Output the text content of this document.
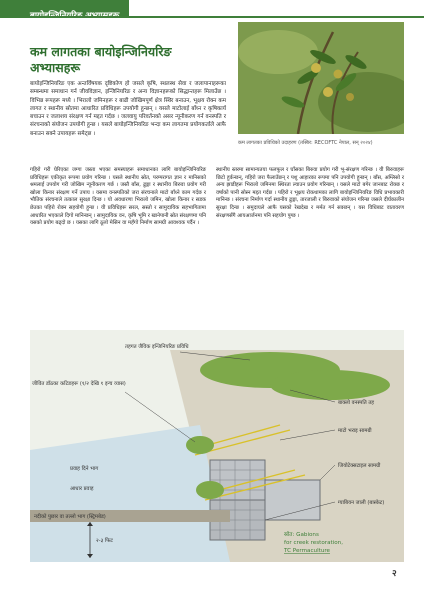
कम लागतका बायोइन्जिनियरिङ अभ्यासहरू
बायोइन्जिनियरिङ एक अन्तर्विषयक दृष्टिकोण हो जसले कृषि, स्थलस्थ सेवा र जलापानाहरूका सम्बन्धमा समाधान गर्न जीवविज्ञान, इन्जिनियरिङ र अन्य विज्ञानहरूको सिद्धान्तहरू मिलाउँछ । विभिन्न रूपहरू मध्ये । भिरालो जमिनहरू र बाढी जोखिमपूर्ण क्षेत्र स्थिर बनाउन, भूक्षय रोक्न कम लागत र स्थानीय स्रोतमा आधारित प्रविधिहरू उपयोगी हुन्छन् । यसले माटोलाई बाँध्न र कृषिकार्य बचाउन र जलाशय संरक्षण गर्न मद्दत गर्दछ । जलवायु परिवर्तनको असर न्यूनीकरण गर्न वनस्पति र संरचनाको संयोजन उपयोगी हुन्छ । यसले बायोइन्जिनियरिङ भन्दा कम लागतमा प्रयोगकर्ताले आफै बनाउन सक्ने उपायहरू समेट्छ ।
कम लागतका प्रविधिको उदाहरण (तस्बिर: RECOFTC नेपाल, सन् २०२४)
गहिरो गरी घेरिएका जग्गा जस्ता भएका समस्याहरू समाधानका लागि बायोइन्जिनियरिङ प्रविधिहरू एकीकृत रूपमा प्रयोग गरिन्छ । यसले स्थानीय स्रोत, परम्परागत ज्ञान र मानिसको श्रमलाई उपयोग गरी जोखिम न्यूनीकरण गर्छ । जस्तै बाँस, ढुङ्गा र स्थानीय बिरुवा प्रयोग गरी खोला किनार संरक्षण गर्ने उपाय । यसमा वनस्पतिको जरा संरचनाले माटो बाँध्ने काम गर्दछ र भौतिक संरचनाले तत्काल सुरक्षा दिन्छ । यो अवधारणा भिरालो जमिन, खोला किनार र सडक छेउका पहिरो रोक्न सहयोगी हुन्छ । यी प्रविधिहरू सरल, सस्तो र सामुदायिक सहभागितामा आधारित भएकाले दिगो मानिन्छन् । सामुदायिक वन, कृषि भूमि र खानेपानी स्रोत संरक्षणमा पनि यसको प्रयोग बढ्दो छ । यसका लागि ठूलो मेसिन वा महँगो निर्माण सामग्री आवश्यक पर्दैन ।
स्थानीय स्तरमा सामान्यतया फलफूल र घाँसका बिरुवा प्रयोग गरी भू-संरक्षण गरिन्छ । यी बिरुवाहरू छिटो हुर्कन्छन्, गहिरो जरा फैलाउँछन् र पशु आहारका रूपमा पनि उपयोगी हुन्छन् । बाँस, अम्लिसो र अन्य झाडीहरू भिरालो जमिनमा स्थिरता ल्याउन प्रयोग गरिन्छन् । यसले माटो बगेर जानबाट रोक्छ र वर्षाको पानी सोस्न मद्दत गर्दछ । पहिरो र भूक्षय रोकथामका लागि बायोइन्जिनियरिङ विधि प्रभावकारी मानिन्छ । संरचना निर्माण गर्दा स्थानीय ढुङ्गा, तारजाली र बिरुवाको संयोजन गरिन्छ जसले दीर्घकालीन सुरक्षा दिन्छ । समुदायले आफै यसको रेखदेख र मर्मत गर्न सक्छन् । यस विधिबाट वातावरण संरक्षणसँगै आयआर्जनमा पनि सहयोग पुग्छ ।
तहगत जैविक इन्जिनियरिङ प्रविधि
जीवित डाँठका कटिङहरू (१/२ देखि १ इन्च व्यास)
बाक्लो वनस्पति तह
माटो भराइ सामग्री
जियोटेक्सटाइल सामग्री
ग्याबियन जाली (बास्केट)
प्रवाह दिने भाग
आधार प्रवाह
नदीको पुछार वा तल्लो भाग (स्ट्रिमबेड)
२-३ फिट
स्रोत: Gabions
for creek restoration,
TC Permaculture
२
